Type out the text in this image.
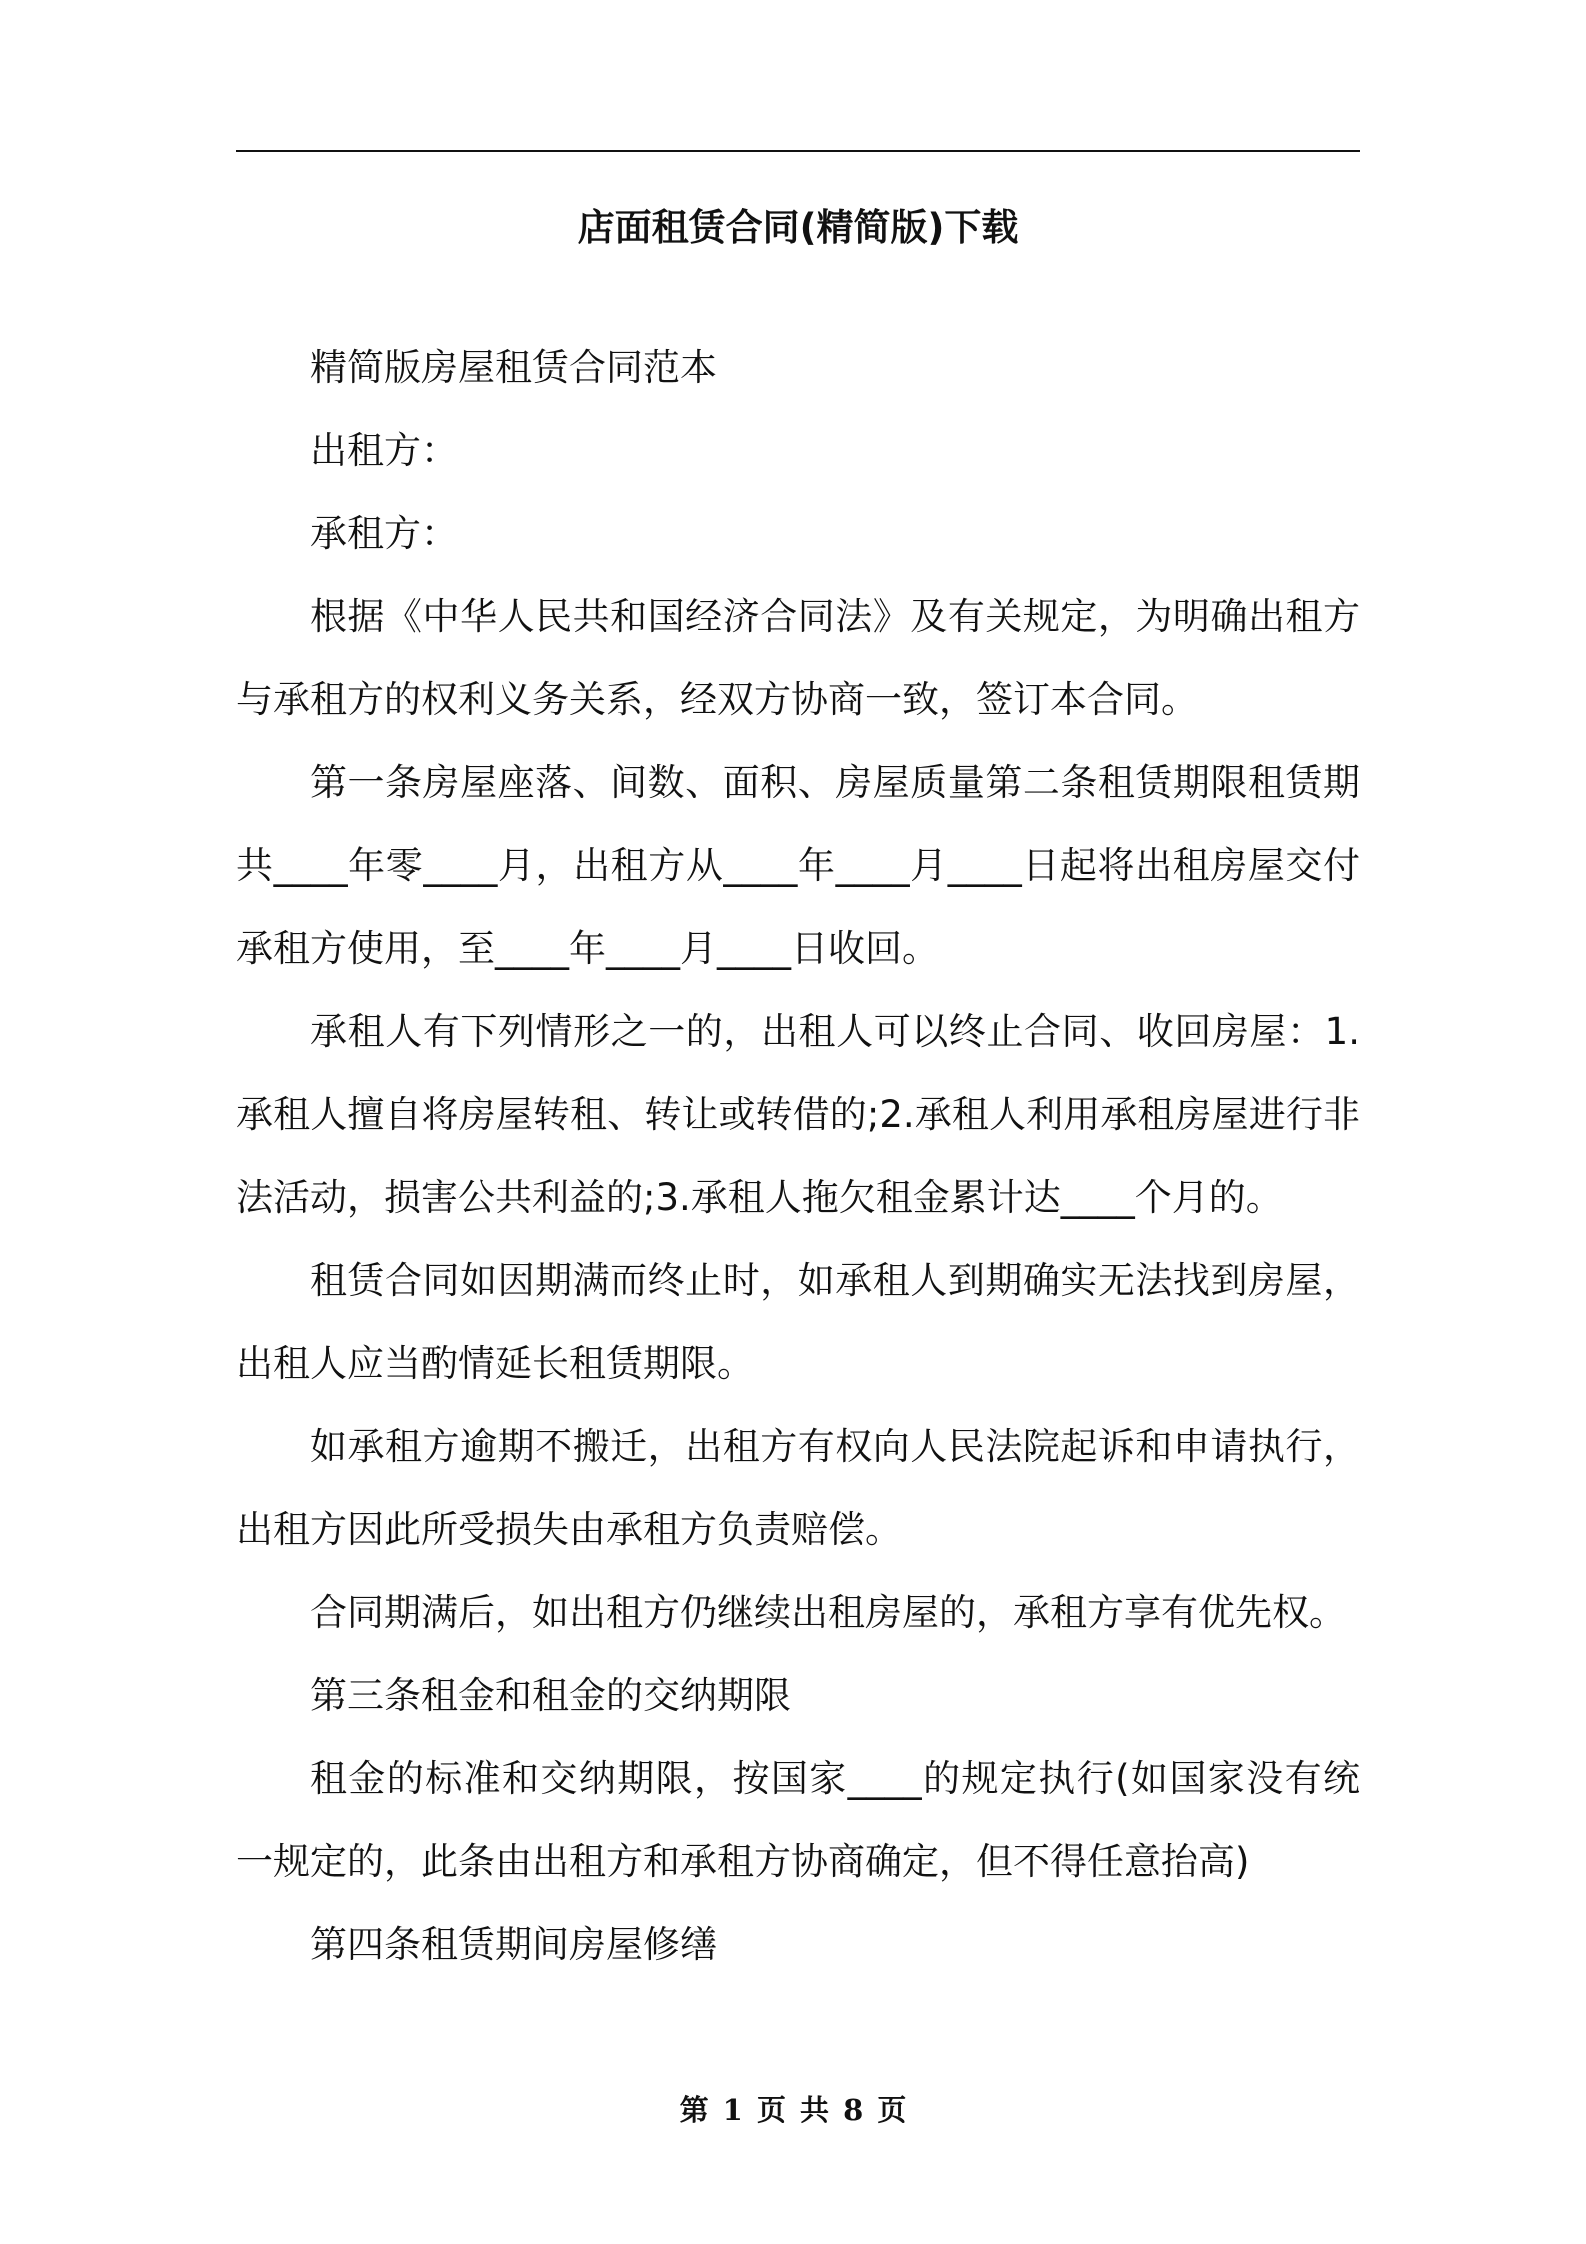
店面租赁合同(精简版)下载

精简版房屋租赁合同范本

出租方：

承租方：

根据《中华人民共和国经济合同法》及有关规定，为明确出租方与承租方的权利义务关系，经双方协商一致，签订本合同。

第一条房屋座落、间数、面积、房屋质量第二条租赁期限租赁期共____年零____月，出租方从____年____月____日起将出租房屋交付承租方使用，至____年____月____日收回。

承租人有下列情形之一的，出租人可以终止合同、收回房屋：1.承租人擅自将房屋转租、转让或转借的;2.承租人利用承租房屋进行非法活动，损害公共利益的;3.承租人拖欠租金累计达____个月的。

租赁合同如因期满而终止时，如承租人到期确实无法找到房屋，出租人应当酌情延长租赁期限。

如承租方逾期不搬迁，出租方有权向人民法院起诉和申请执行，出租方因此所受损失由承租方负责赔偿。

合同期满后，如出租方仍继续出租房屋的，承租方享有优先权。

第三条租金和租金的交纳期限

租金的标准和交纳期限，按国家____的规定执行(如国家没有统一规定的，此条由出租方和承租方协商确定，但不得任意抬高)

第四条租赁期间房屋修缮

第 1 页 共 8 页
